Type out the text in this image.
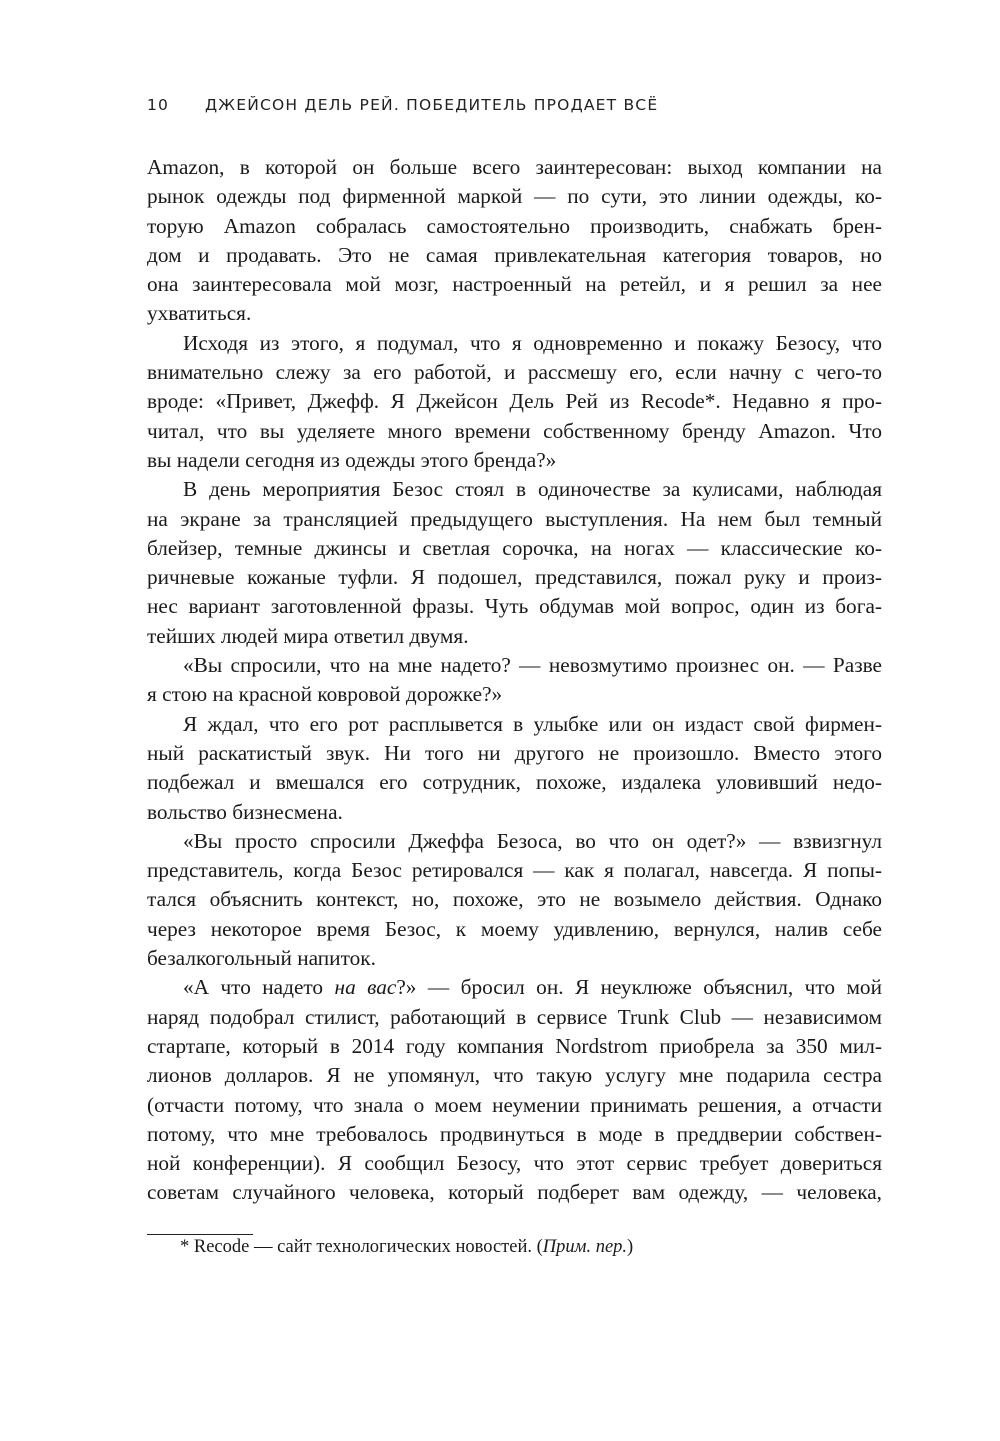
10 ДЖЕЙСОН ДЕЛЬ РЕЙ. ПОБЕДИТЕЛЬ ПРОДАЕТ ВСЁ
Amazon, в которой он больше всего заинтересован: выход компании на
рынок одежды под фирменной маркой — по сути, это линии одежды, ко-
торую Amazon собралась самостоятельно производить, снабжать брен-
дом и продавать. Это не самая привлекательная категория товаров, но
она заинтересовала мой мозг, настроенный на ретейл, и я решил за нее
ухватиться.
Исходя из этого, я подумал, что я одновременно и покажу Безосу, что
внимательно слежу за его работой, и рассмешу его, если начну с чего-то
вроде: «Привет, Джефф. Я Джейсон Дель Рей из Recode*. Недавно я про-
читал, что вы уделяете много времени собственному бренду Amazon. Что
вы надели сегодня из одежды этого бренда?»
В день мероприятия Безос стоял в одиночестве за кулисами, наблюдая
на экране за трансляцией предыдущего выступления. На нем был темный
блейзер, темные джинсы и светлая сорочка, на ногах — классические ко-
ричневые кожаные туфли. Я подошел, представился, пожал руку и произ-
нес вариант заготовленной фразы. Чуть обдумав мой вопрос, один из бога-
тейших людей мира ответил двумя.
«Вы спросили, что на мне надето? — невозмутимо произнес он. — Разве
я стою на красной ковровой дорожке?»
Я ждал, что его рот расплывется в улыбке или он издаст свой фирмен-
ный раскатистый звук. Ни того ни другого не произошло. Вместо этого
подбежал и вмешался его сотрудник, похоже, издалека уловивший недо-
вольство бизнесмена.
«Вы просто спросили Джеффа Безоса, во что он одет?» — взвизгнул
представитель, когда Безос ретировался — как я полагал, навсегда. Я попы-
тался объяснить контекст, но, похоже, это не возымело действия. Однако
через некоторое время Безос, к моему удивлению, вернулся, налив себе
безалкогольный напиток.
«А что надето на вас?» — бросил он. Я неуклюже объяснил, что мой
наряд подобрал стилист, работающий в сервисе Trunk Club — независимом
стартапе, который в 2014 году компания Nordstrom приобрела за 350 мил-
лионов долларов. Я не упомянул, что такую услугу мне подарила сестра
(отчасти потому, что знала о моем неумении принимать решения, а отчасти
потому, что мне требовалось продвинуться в моде в преддверии собствен-
ной конференции). Я сообщил Безосу, что этот сервис требует довериться
советам случайного человека, который подберет вам одежду, — человека,
* Recode — сайт технологических новостей. (Прим. пер.)
